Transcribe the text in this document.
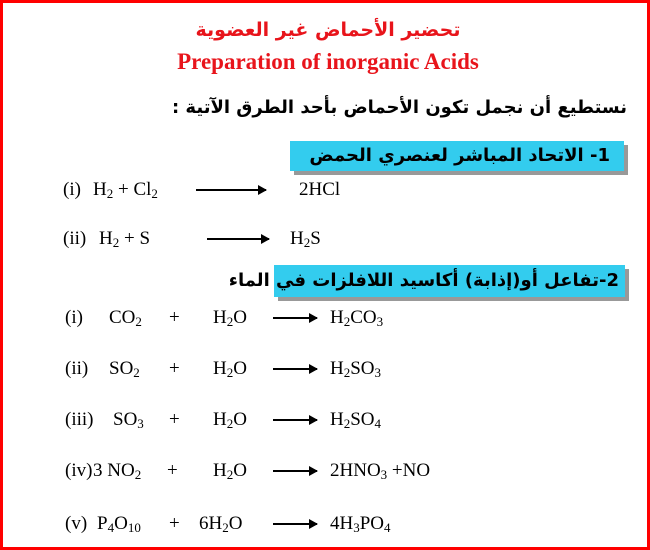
تحضير الأحماض غير العضوية
Preparation of inorganic Acids
نستطيع أن نجمل تكون الأحماض بأحد الطرق الآتية :
1- الاتحاد المباشر لعنصري الحمض
(i) $H_2 + Cl_2$	2HCl
(ii) $H_2 + S$	→ $H_2S$
2-تفاعل أو(إذابة) أكاسيد اللافلزات في الماء
(i) $CO_2 + H_2O \to H_2CO_3$
(ii) $SO_2 + H_2O \to H_2SO_3$
(iii) $SO_3 + H_2O \to H_2SO_4$
(iv) 3 $NO_2 + H_2O \to 2HNO_3 +NO$
(v) $P_4O_{10} + 6H_2O \to 4H_3PO_4$
